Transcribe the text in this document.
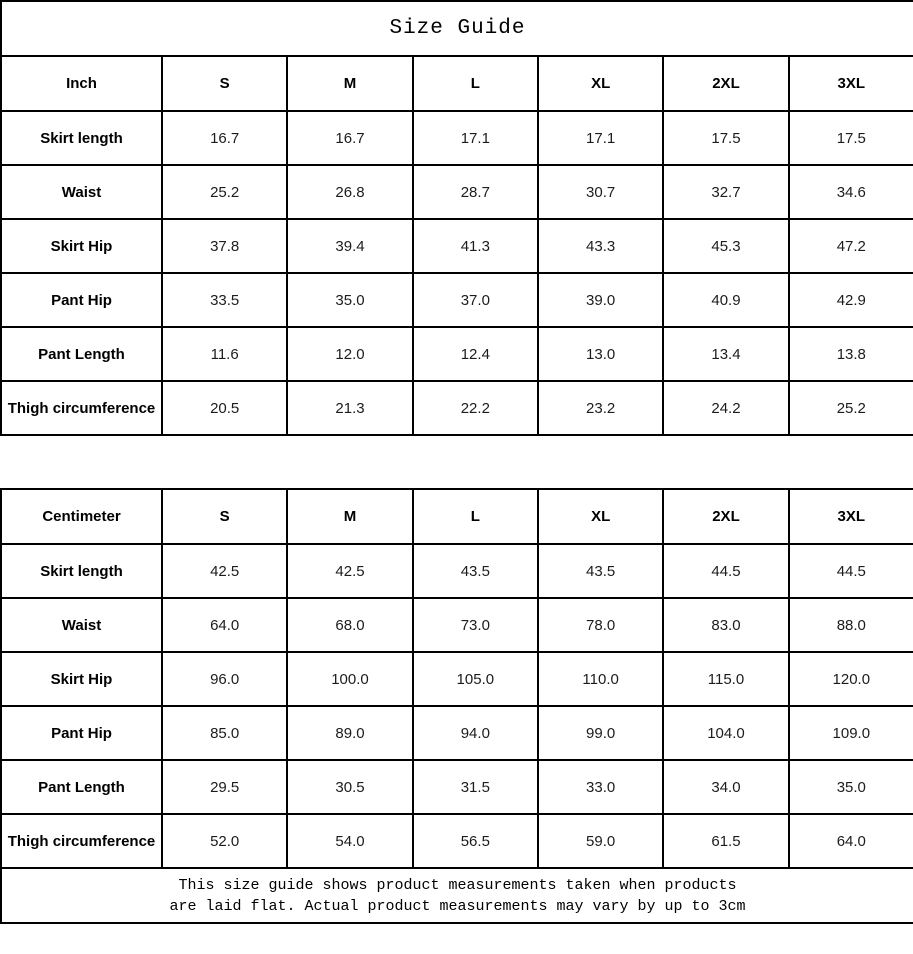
Size Guide						
Inch	S	M	L	XL	2XL	3XL
Skirt length	16.7	16.7	17.1	17.1	17.5	17.5
Waist	25.2	26.8	28.7	30.7	32.7	34.6
Skirt Hip	37.8	39.4	41.3	43.3	45.3	47.2
Pant Hip	33.5	35.0	37.0	39.0	40.9	42.9
Pant Length	11.6	12.0	12.4	13.0	13.4	13.8
Thigh circumference	20.5	21.3	22.2	23.2	24.2	25.2
Centimeter	S	M	L	XL	2XL	3XL
Skirt length	42.5	42.5	43.5	43.5	44.5	44.5
Waist	64.0	68.0	73.0	78.0	83.0	88.0
Skirt Hip	96.0	100.0	105.0	110.0	115.0	120.0
Pant Hip	85.0	89.0	94.0	99.0	104.0	109.0
Pant Length	29.5	30.5	31.5	33.0	34.0	35.0
Thigh circumference	52.0	54.0	56.5	59.0	61.5	64.0

This size guide shows product measurements taken when products
are laid flat. Actual product measurements may vary by up to 3cm						
